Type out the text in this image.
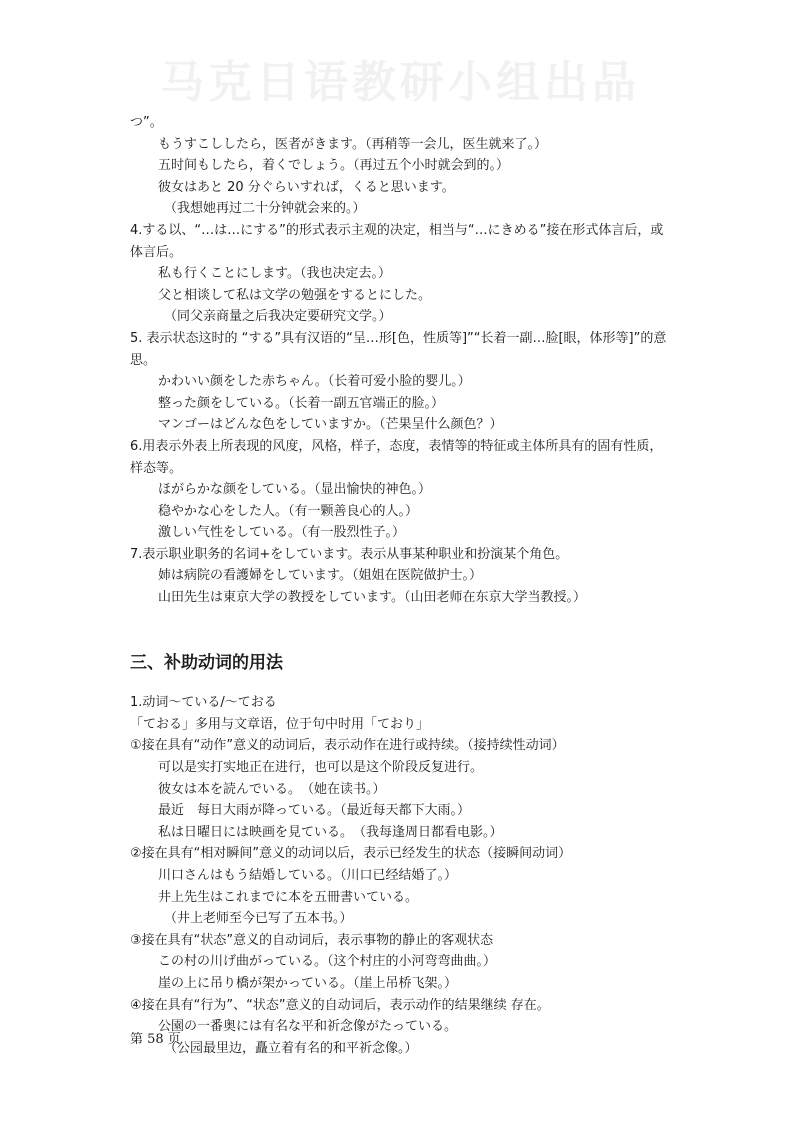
马克日语教研小组出品
つ”。
もうすこししたら，医者がきます。（再稍等一会儿，医生就来了。）
五时间もしたら，着くでしょう。（再过五个小时就会到的。）
彼女はあと 20 分ぐらいすれば，くると思います。
（我想她再过二十分钟就会来的。）
4.する以、“…は…にする”的形式表示主观的决定，相当与“…にきめる”接在形式体言后，或体言后。
私も行くことにします。（我也决定去。）
父と相谈して私は文学の勉强をするとにした。
（同父亲商量之后我决定要研究文学。）
5. 表示状态这时的 “する”具有汉语的“呈…形[色，性质等]”“长着一副…脸[眼，体形等]”的意思。
かわいい颜をした赤ちゃん。（长着可爱小脸的婴儿。）
整った颜をしている。（长着一副五官端正的脸。）
マンゴーはどんな色をしていますか。（芒果呈什么颜色？）
6.用表示外表上所表现的风度，风格，样子，态度，表情等的特征或主体所具有的固有性质，样态等。
ほがらかな颜をしている。（显出愉快的神色。）
稳やかな心をした人。（有一颗善良心的人。）
激しい气性をしている。（有一股烈性子。）
7.表示职业职务的名词+をしています。表示从事某种职业和扮演某个角色。
姉は病院の看護婦をしています。（姐姐在医院做护士。）
山田先生は東京大学の教授をしています。（山田老师在东京大学当教授。）
三、补助动词的用法
1.动词～ている/～ておる
「ておる」多用与文章语，位于句中时用「ており」
①接在具有“动作”意义的动词后，表示动作在进行或持续。（接持续性动词）
可以是实打实地正在进行，也可以是这个阶段反复进行。
彼女は本を読んでいる。　（她在读书。）
最近　每日大雨が降っている。（最近每天都下大雨。）
私は日曜日には映画を見ている。　（我每逢周日都看电影。）
②接在具有“相对瞬间”意义的动词以后，表示已经发生的状态（接瞬间动词）
川口さんはもう結婚している。（川口已经结婚了。）
井上先生はこれまでに本を五冊書いている。
（井上老师至今已写了五本书。）
③接在具有“状态”意义的自动词后，表示事物的静止的客观状态
この村の川げ曲がっている。（这个村庄的小河弯弯曲曲。）
崖の上に吊り橋が架かっている。（崖上吊桥飞架。）
④接在具有“行为”、“状态”意义的自动词后，表示动作的结果继续 存在。
公園の一番奥には有名な平和祈念像がたっている。
（公园最里边，矗立着有名的和平祈念像。）
第 58 页
